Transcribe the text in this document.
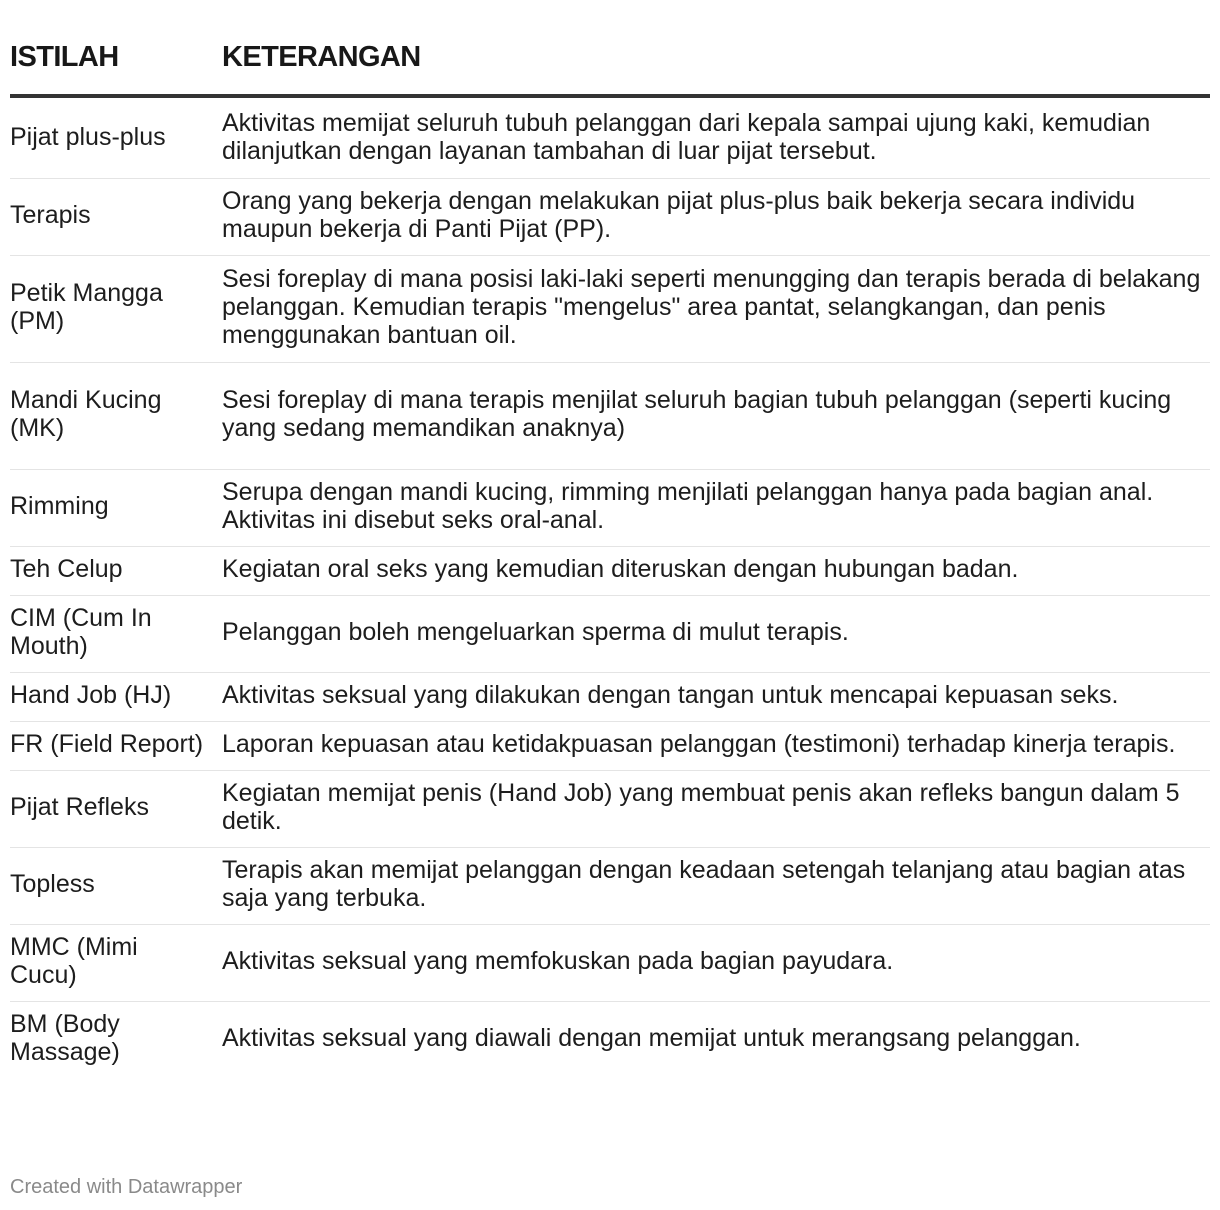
ISTILAH	KETERANGAN
Pijat plus-plus	Aktivitas memijat seluruh tubuh pelanggan dari kepala sampai ujung kaki, kemudian dilanjutkan dengan layanan tambahan di luar pijat tersebut.
Terapis	Orang yang bekerja dengan melakukan pijat plus-plus baik bekerja secara individu maupun bekerja di Panti Pijat (PP).
Petik Mangga (PM)	Sesi foreplay di mana posisi laki-laki seperti menungging dan terapis berada di belakang pelanggan. Kemudian terapis "mengelus" area pantat, selangkangan, dan penis menggunakan bantuan oil.
Mandi Kucing (MK)	Sesi foreplay di mana terapis menjilat seluruh bagian tubuh pelanggan (seperti kucing yang sedang memandikan anaknya)
Rimming	Serupa dengan mandi kucing, rimming menjilati pelanggan hanya pada bagian anal. Aktivitas ini disebut seks oral-anal.
Teh Celup	Kegiatan oral seks yang kemudian diteruskan dengan hubungan badan.
CIM (Cum In Mouth)	Pelanggan boleh mengeluarkan sperma di mulut terapis.
Hand Job (HJ)	Aktivitas seksual yang dilakukan dengan tangan untuk mencapai kepuasan seks.
FR (Field Report)	Laporan kepuasan atau ketidakpuasan pelanggan (testimoni) terhadap kinerja terapis.
Pijat Refleks	Kegiatan memijat penis (Hand Job) yang membuat penis akan refleks bangun dalam 5 detik.
Topless	Terapis akan memijat pelanggan dengan keadaan setengah telanjang atau bagian atas saja yang terbuka.
MMC (Mimi Cucu)	Aktivitas seksual yang memfokuskan pada bagian payudara.
BM (Body Massage)	Aktivitas seksual yang diawali dengan memijat untuk merangsang pelanggan.
Created with Datawrapper
